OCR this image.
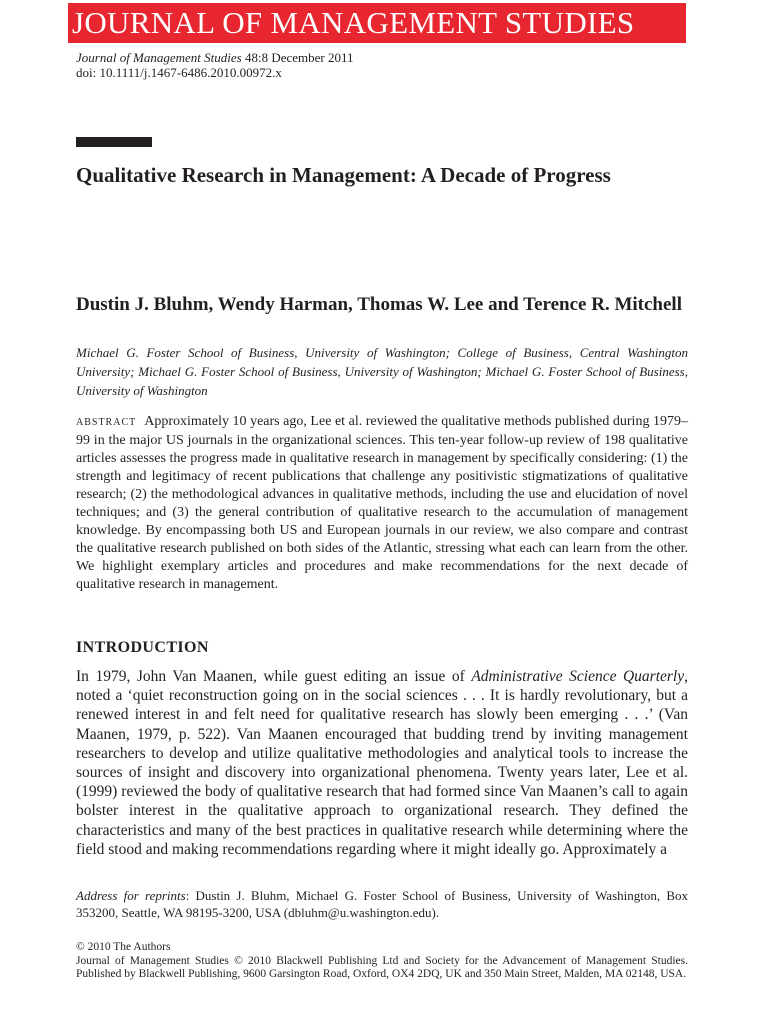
JOURNAL OF MANAGEMENT STUDIES
Journal of Management Studies 48:8 December 2011
doi: 10.1111/j.1467-6486.2010.00972.x
Qualitative Research in Management: A Decade of Progress
Dustin J. Bluhm, Wendy Harman, Thomas W. Lee and Terence R. Mitchell
Michael G. Foster School of Business, University of Washington; College of Business, Central Washington University; Michael G. Foster School of Business, University of Washington; Michael G. Foster School of Business, University of Washington
ABSTRACT Approximately 10 years ago, Lee et al. reviewed the qualitative methods published during 1979–99 in the major US journals in the organizational sciences. This ten-year follow-up review of 198 qualitative articles assesses the progress made in qualitative research in management by specifically considering: (1) the strength and legitimacy of recent publications that challenge any positivistic stigmatizations of qualitative research; (2) the methodological advances in qualitative methods, including the use and elucidation of novel techniques; and (3) the general contribution of qualitative research to the accumulation of management knowledge. By encompassing both US and European journals in our review, we also compare and contrast the qualitative research published on both sides of the Atlantic, stressing what each can learn from the other. We highlight exemplary articles and procedures and make recommendations for the next decade of qualitative research in management.
INTRODUCTION

In 1979, John Van Maanen, while guest editing an issue of Administrative Science Quarterly, noted a ‘quiet reconstruction going on in the social sciences . . . It is hardly revolutionary, but a renewed interest in and felt need for qualitative research has slowly been emerging . . .’ (Van Maanen, 1979, p. 522). Van Maanen encouraged that budding trend by inviting management researchers to develop and utilize qualitative methodologies and analytical tools to increase the sources of insight and discovery into organizational phenomena. Twenty years later, Lee et al. (1999) reviewed the body of qualitative research that had formed since Van Maanen’s call to again bolster interest in the qualitative approach to organizational research. They defined the characteristics and many of the best practices in qualitative research while determining where the field stood and making recommendations regarding where it might ideally go. Approximately a

Address for reprints: Dustin J. Bluhm, Michael G. Foster School of Business, University of Washington, Box 353200, Seattle, WA 98195-3200, USA (dbluhm@u.washington.edu).
© 2010 The Authors
Journal of Management Studies © 2010 Blackwell Publishing Ltd and Society for the Advancement of Management Studies. Published by Blackwell Publishing, 9600 Garsington Road, Oxford, OX4 2DQ, UK and 350 Main Street, Malden, MA 02148, USA.
